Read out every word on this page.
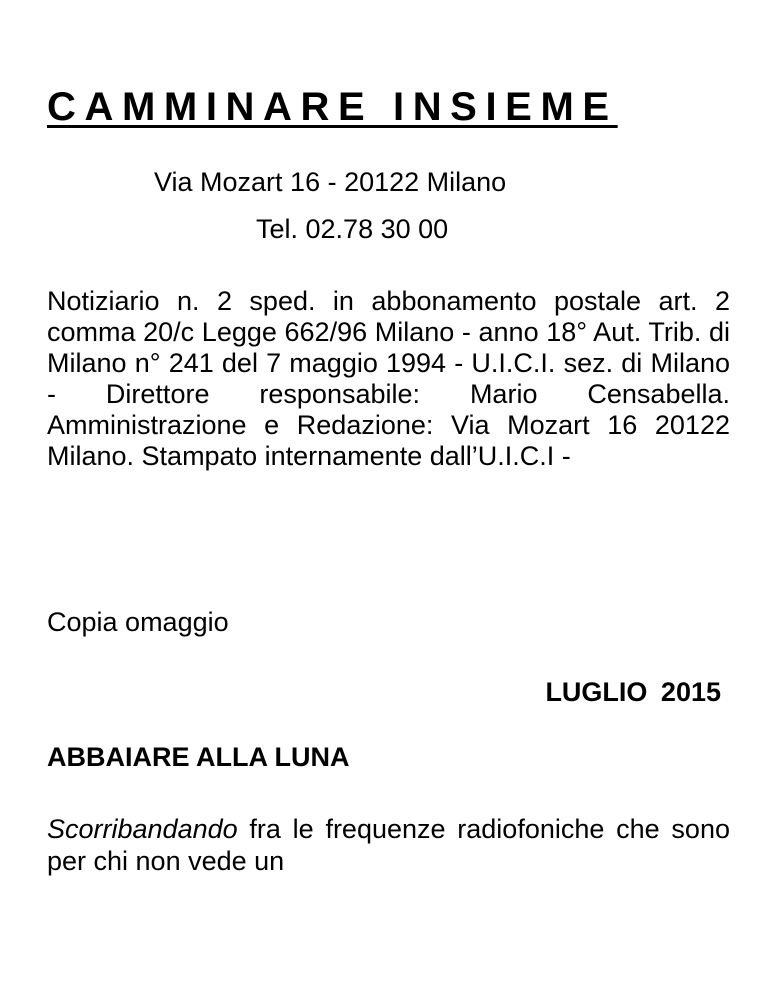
CAMMINARE INSIEME
Via Mozart 16 - 20122 Milano
Tel. 02.78 30 00

Notiziario n. 2 sped. in abbonamento postale art. 2 comma 20/c Legge 662/96 Milano - anno 18° Aut. Trib. di Milano n° 241 del 7 maggio 1994 - U.I.C.I. sez. di Milano - Direttore responsabile: Mario Censabella. Amministrazione e Redazione: Via Mozart 16 20122 Milano. Stampato internamente dall’U.I.C.I -

Copia omaggio
LUGLIO 2015
ABBAIARE ALLA LUNA

Scorribandando fra le frequenze radiofoniche che sono per chi non vede un
